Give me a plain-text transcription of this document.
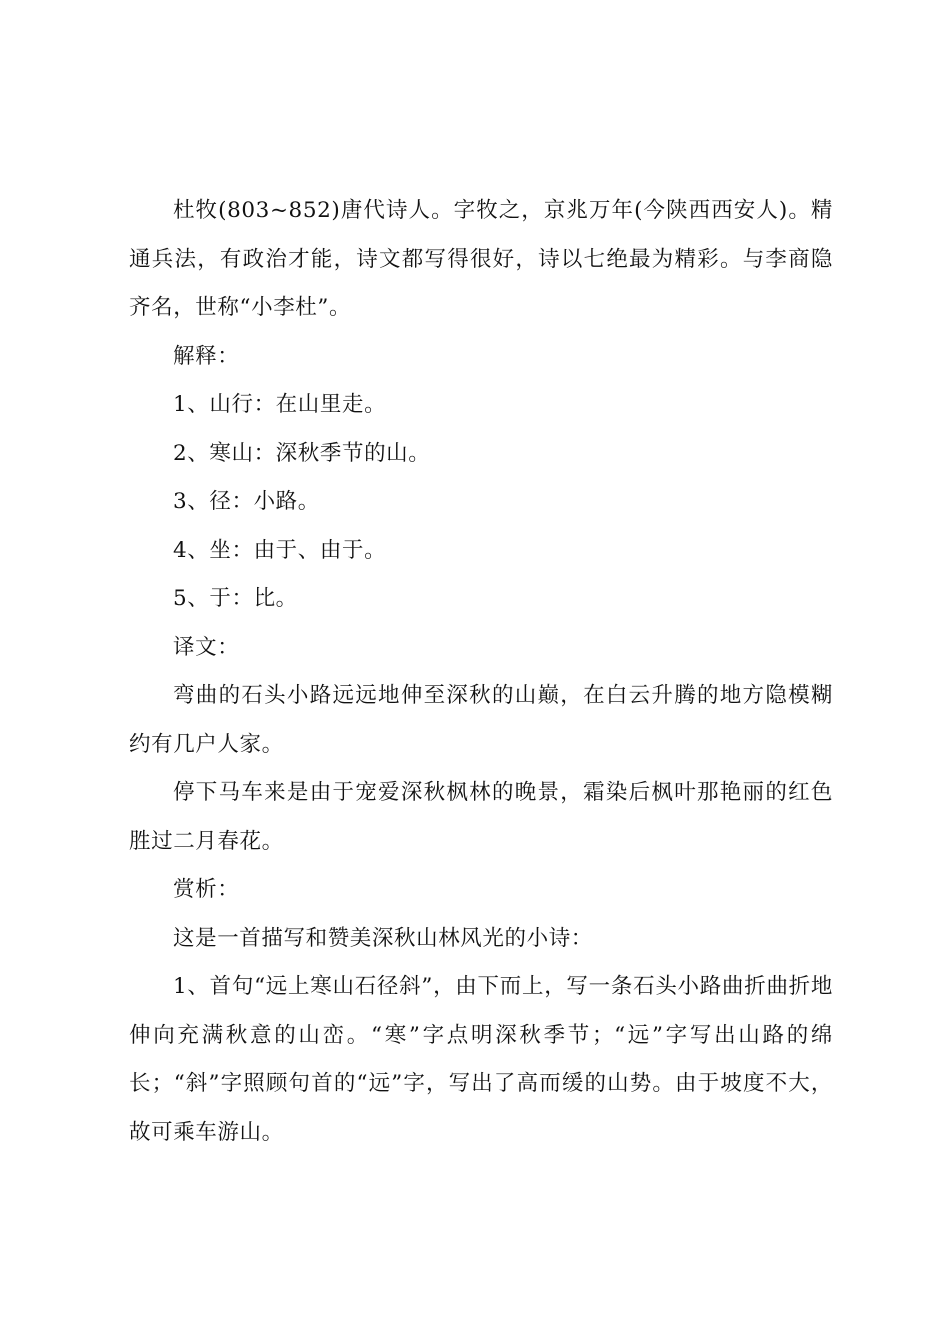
杜牧(803~852)唐代诗人。字牧之，京兆万年(今陕西西安人)。精通兵法，有政治才能，诗文都写得很好，诗以七绝最为精彩。与李商隐齐名，世称“小李杜”。

解释：

1、山行：在山里走。

2、寒山：深秋季节的山。

3、径：小路。

4、坐：由于、由于。

5、于：比。

译文：

弯曲的石头小路远远地伸至深秋的山巅，在白云升腾的地方隐模糊约有几户人家。

停下马车来是由于宠爱深秋枫林的晚景，霜染后枫叶那艳丽的红色胜过二月春花。

赏析：

这是一首描写和赞美深秋山林风光的小诗：

1、首句“远上寒山石径斜”，由下而上，写一条石头小路曲折曲折地伸向充满秋意的山峦。“寒”字点明深秋季节；“远”字写出山路的绵长；“斜”字照顾句首的“远”字，写出了高而缓的山势。由于坡度不大，故可乘车游山。
